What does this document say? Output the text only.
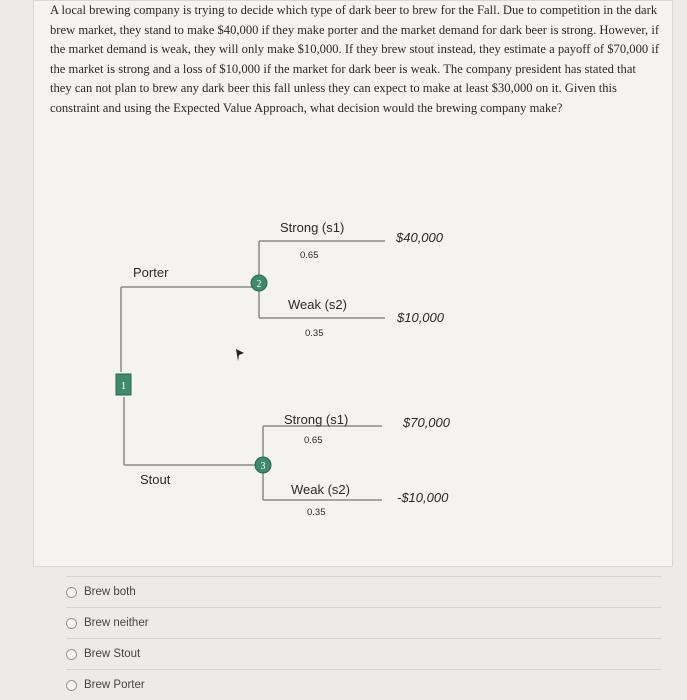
A local brewing company is trying to decide which type of dark beer to brew for the Fall. Due to competition in the dark brew market, they stand to make $40,000 if they make porter and the market demand for dark beer is strong. However, if the market demand is weak, they will only make $10,000. If they brew stout instead, they estimate a payoff of $70,000 if the market is strong and a loss of $10,000 if the market for dark beer is weak. The company president has stated that they can not plan to brew any dark beer this fall unless they can expect to make at least $30,000 on it. Given this constraint and using the Expected Value Approach, what decision would the brewing company make?

1
2
3
Porter
Stout
Strong (s1)
0.65
$40,000
Weak (s2)
0.35
$10,000
Strong (s1)
0.65
$70,000
Weak (s2)
0.35
-$10,000
Brew both
Brew neither
Brew Stout
Brew Porter
